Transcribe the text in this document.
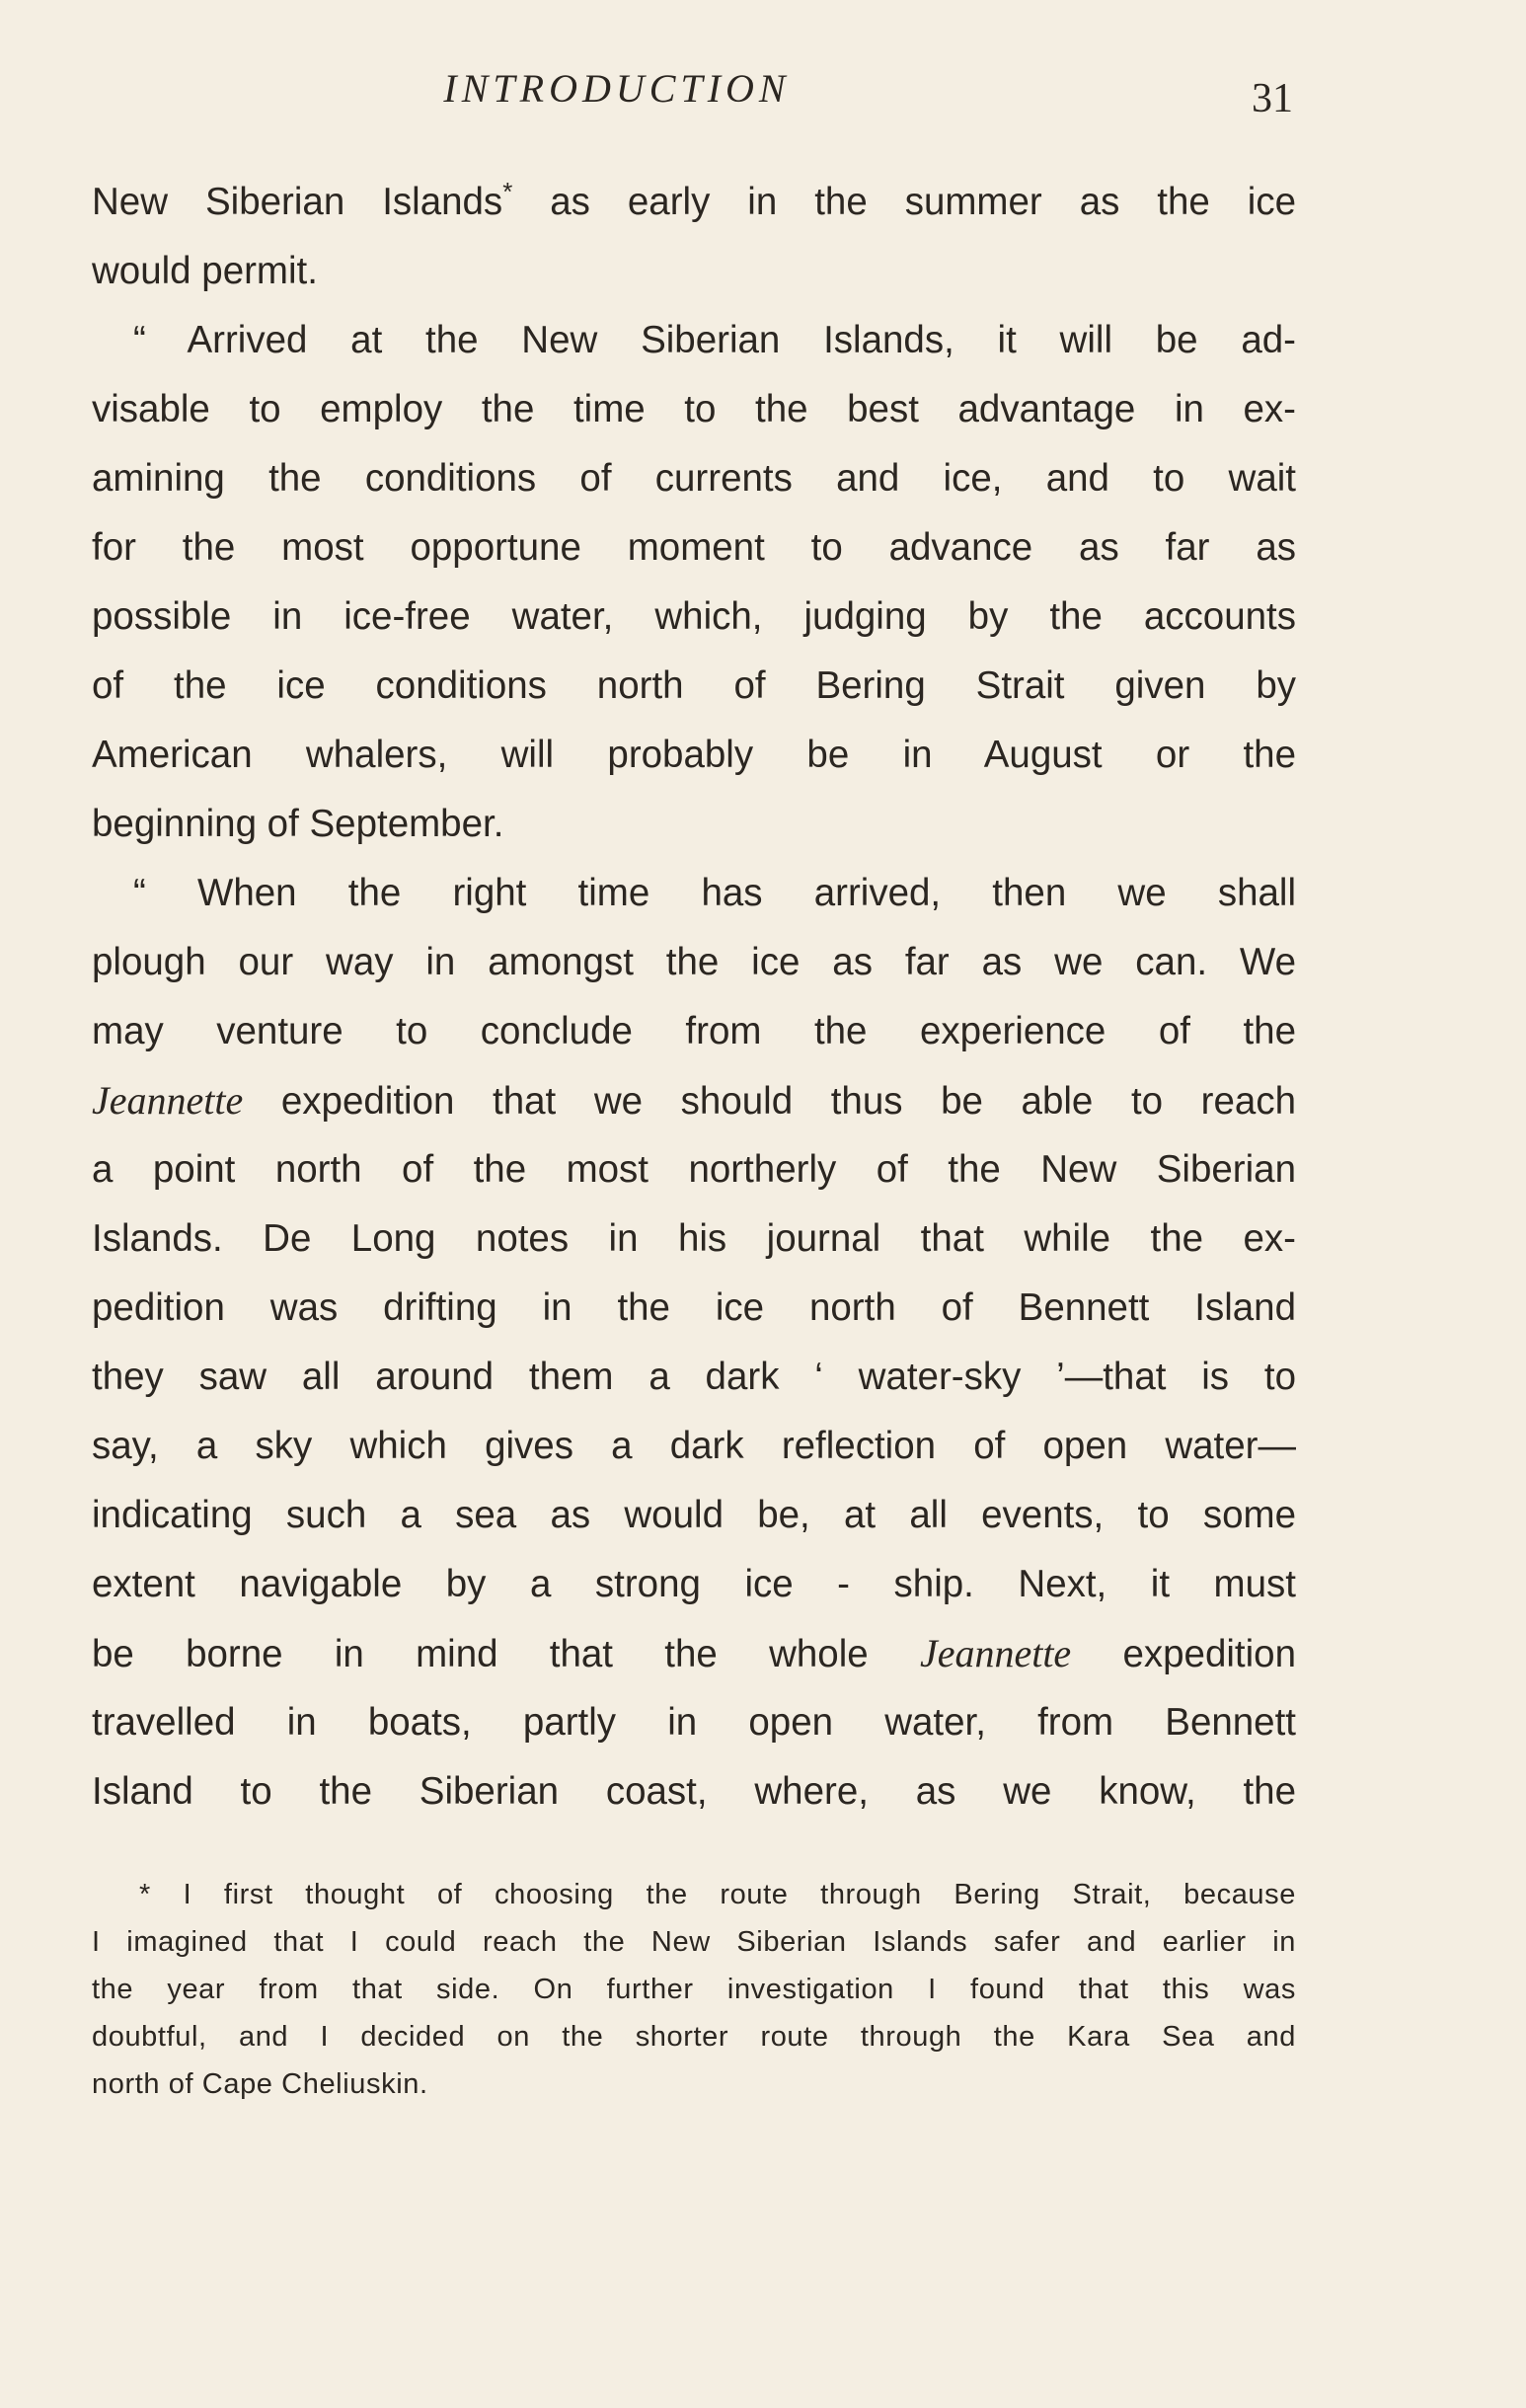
INTRODUCTION	31
New Siberian Islands* as early in the summer as the ice
would permit.
“ Arrived at the New Siberian Islands, it will be ad-
visable to employ the time to the best advantage in ex-
amining the conditions of currents and ice, and to wait
for the most opportune moment to advance as far as
possible in ice-free water, which, judging by the accounts
of the ice conditions north of Bering Strait given by
American whalers, will probably be in August or the
beginning of September.
“ When the right time has arrived, then we shall
plough our way in amongst the ice as far as we can. We
may venture to conclude from the experience of the
Jeannette expedition that we should thus be able to reach
a point north of the most northerly of the New Siberian
Islands. De Long notes in his journal that while the ex-
pedition was drifting in the ice north of Bennett Island
they saw all around them a dark ‘ water-sky ’—that is to
say, a sky which gives a dark reflection of open water—
indicating such a sea as would be, at all events, to some
extent navigable by a strong ice - ship. Next, it must
be borne in mind that the whole Jeannette expedition
travelled in boats, partly in open water, from Bennett
Island to the Siberian coast, where, as we know, the
* I first thought of choosing the route through Bering Strait, because
I imagined that I could reach the New Siberian Islands safer and earlier in
the year from that side. On further investigation I found that this was
doubtful, and I decided on the shorter route through the Kara Sea and
north of Cape Cheliuskin.
